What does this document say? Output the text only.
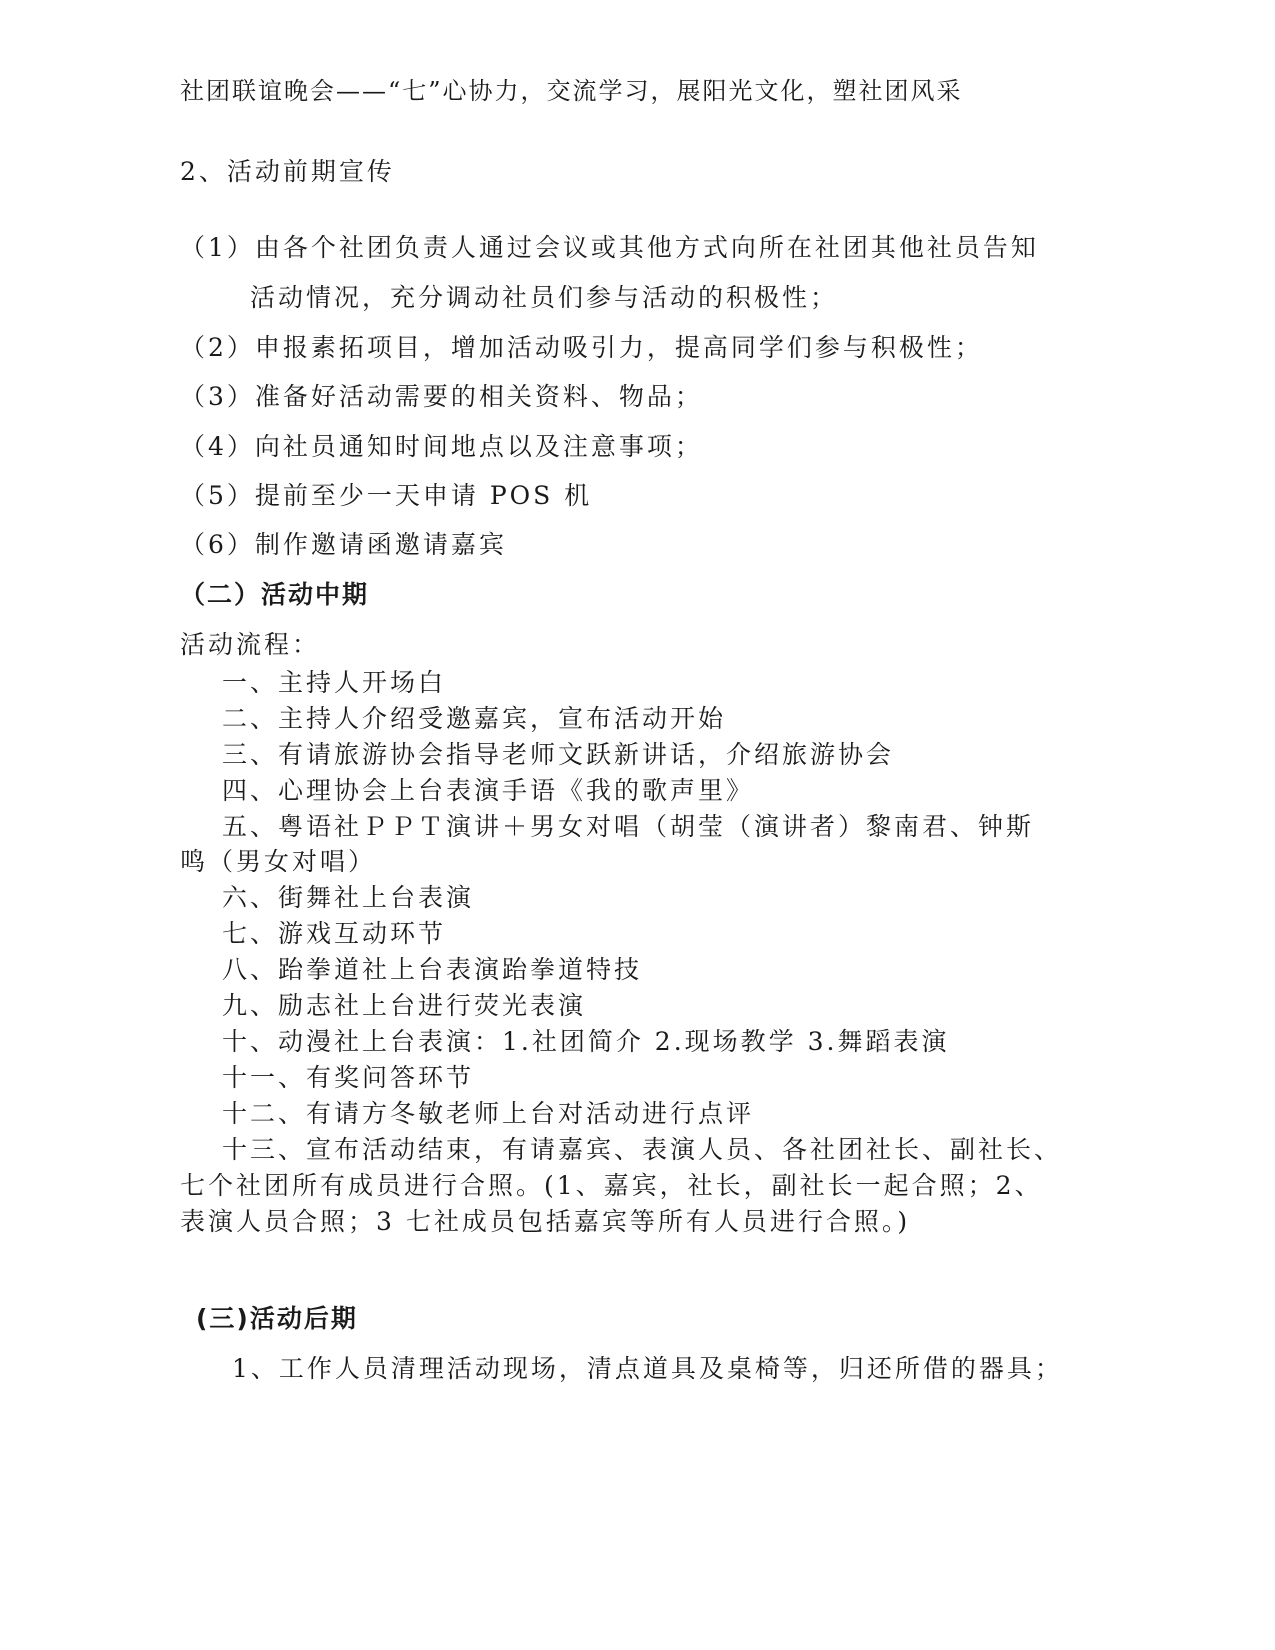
社团联谊晚会——“七”心协力，交流学习，展阳光文化，塑社团风采
2、活动前期宣传
（1）由各个社团负责人通过会议或其他方式向所在社团其他社员告知
活动情况，充分调动社员们参与活动的积极性；
（2）申报素拓项目，增加活动吸引力，提高同学们参与积极性；
（3）准备好活动需要的相关资料、物品；
（4）向社员通知时间地点以及注意事项；
（5）提前至少一天申请 POS 机
（6）制作邀请函邀请嘉宾
（二）活动中期
活动流程：
一、主持人开场白
二、主持人介绍受邀嘉宾，宣布活动开始
三、有请旅游协会指导老师文跃新讲话，介绍旅游协会
四、心理协会上台表演手语《我的歌声里》
五、粤语社ＰＰＴ演讲＋男女对唱（胡莹（演讲者）黎南君、钟斯
鸣（男女对唱）
六、街舞社上台表演
七、游戏互动环节
八、跆拳道社上台表演跆拳道特技
九、励志社上台进行荧光表演
十、动漫社上台表演：1.社团简介 2.现场教学 3.舞蹈表演
十一、有奖问答环节
十二、有请方冬敏老师上台对活动进行点评
十三、宣布活动结束，有请嘉宾、表演人员、各社团社长、副社长、
七个社团所有成员进行合照。(1、嘉宾，社长，副社长一起合照；2、
表演人员合照；3 七社成员包括嘉宾等所有人员进行合照。)
(三)活动后期
1、工作人员清理活动现场，清点道具及桌椅等，归还所借的器具；
